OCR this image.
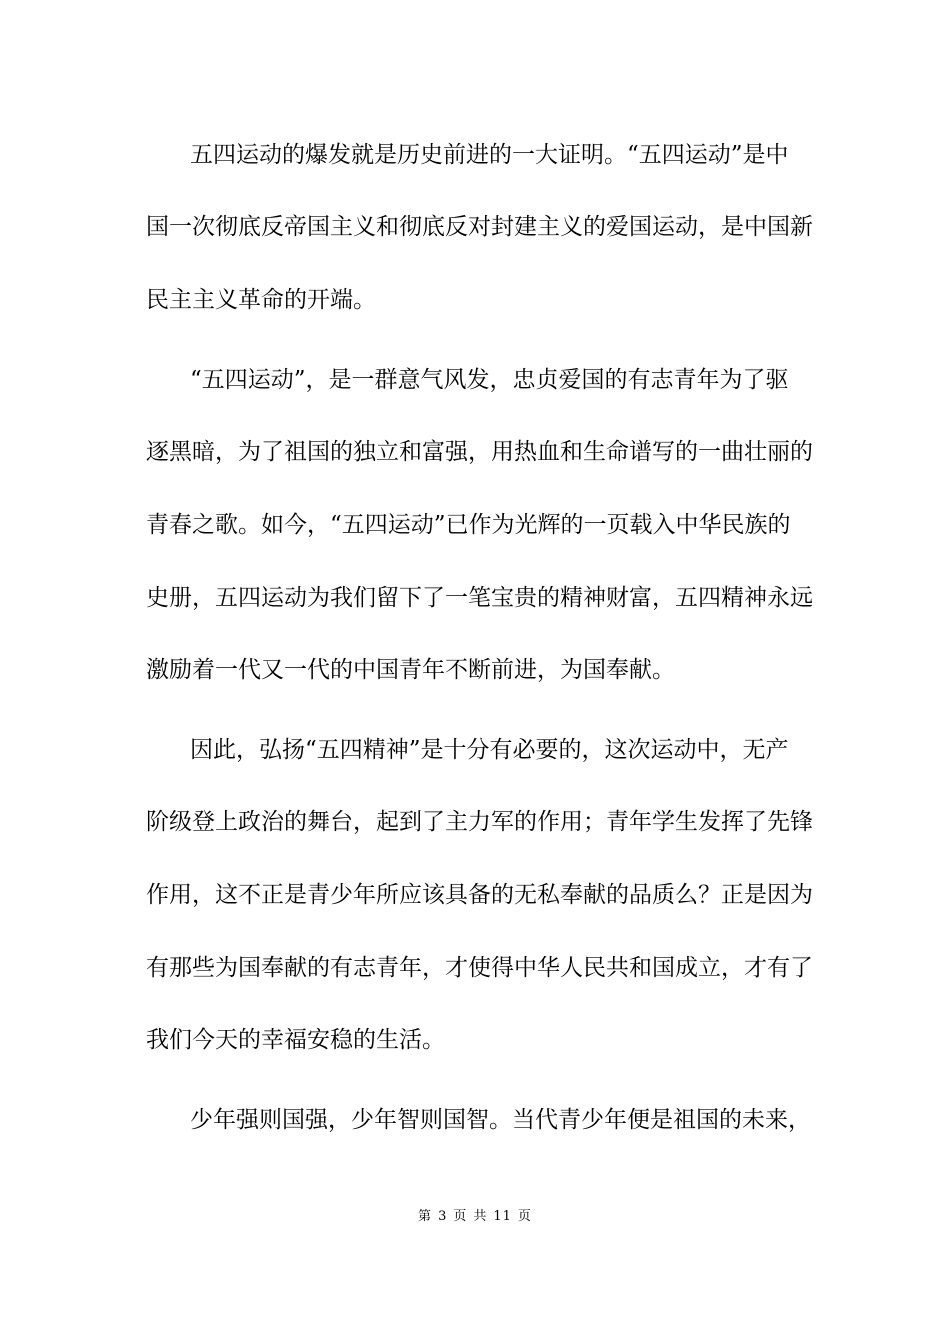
五四运动的爆发就是历史前进的一大证明。“五四运动”是中
国一次彻底反帝国主义和彻底反对封建主义的爱国运动，是中国新
民主主义革命的开端。
“五四运动”，是一群意气风发，忠贞爱国的有志青年为了驱
逐黑暗，为了祖国的独立和富强，用热血和生命谱写的一曲壮丽的
青春之歌。如今，“五四运动”已作为光辉的一页载入中华民族的
史册，五四运动为我们留下了一笔宝贵的精神财富，五四精神永远
激励着一代又一代的中国青年不断前进，为国奉献。
因此，弘扬“五四精神”是十分有必要的，这次运动中，无产
阶级登上政治的舞台，起到了主力军的作用；青年学生发挥了先锋
作用，这不正是青少年所应该具备的无私奉献的品质么？正是因为
有那些为国奉献的有志青年，才使得中华人民共和国成立，才有了
我们今天的幸福安稳的生活。
少年强则国强，少年智则国智。当代青少年便是祖国的未来，
第 3 页 共 11 页
